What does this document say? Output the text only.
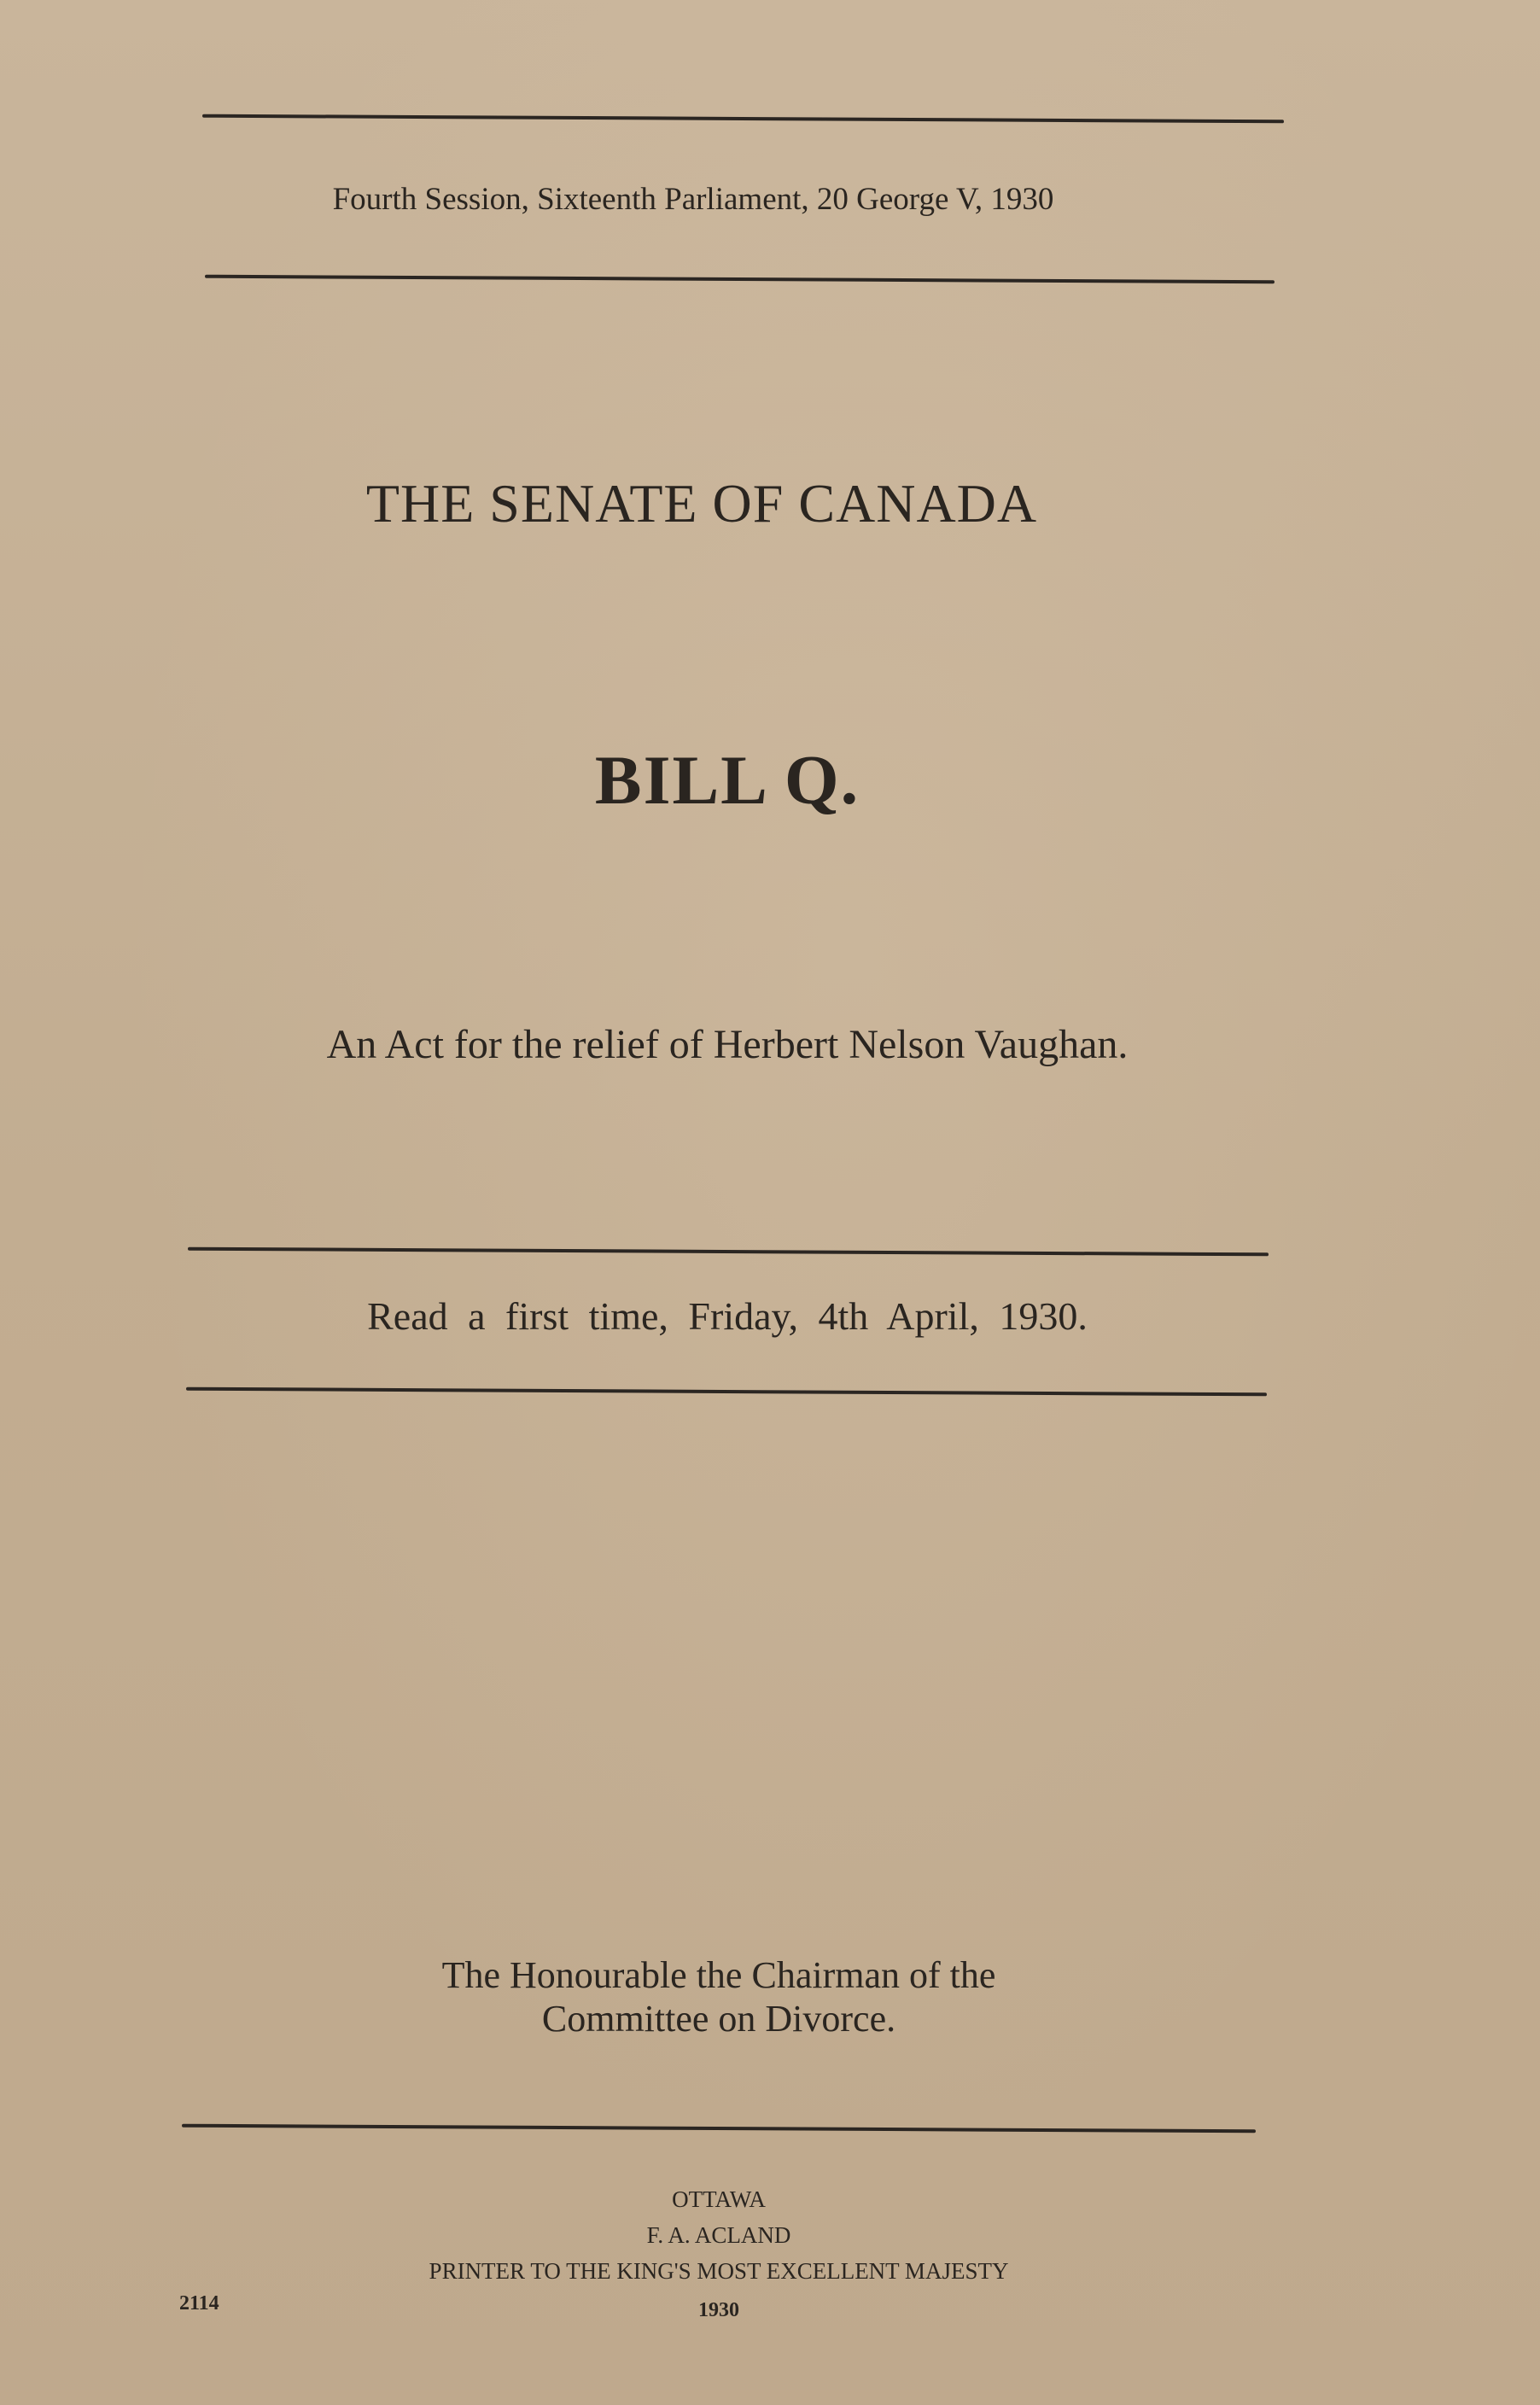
Fourth Session, Sixteenth Parliament, 20 George V, 1930
THE SENATE OF CANADA
BILL Q.
An Act for the relief of Herbert Nelson Vaughan.
Read a first time, Friday, 4th April, 1930.
The Honourable the Chairman of the
Committee on Divorce.
OTTAWA
F. A. ACLAND
PRINTER TO THE KING'S MOST EXCELLENT MAJESTY
1930
2114
